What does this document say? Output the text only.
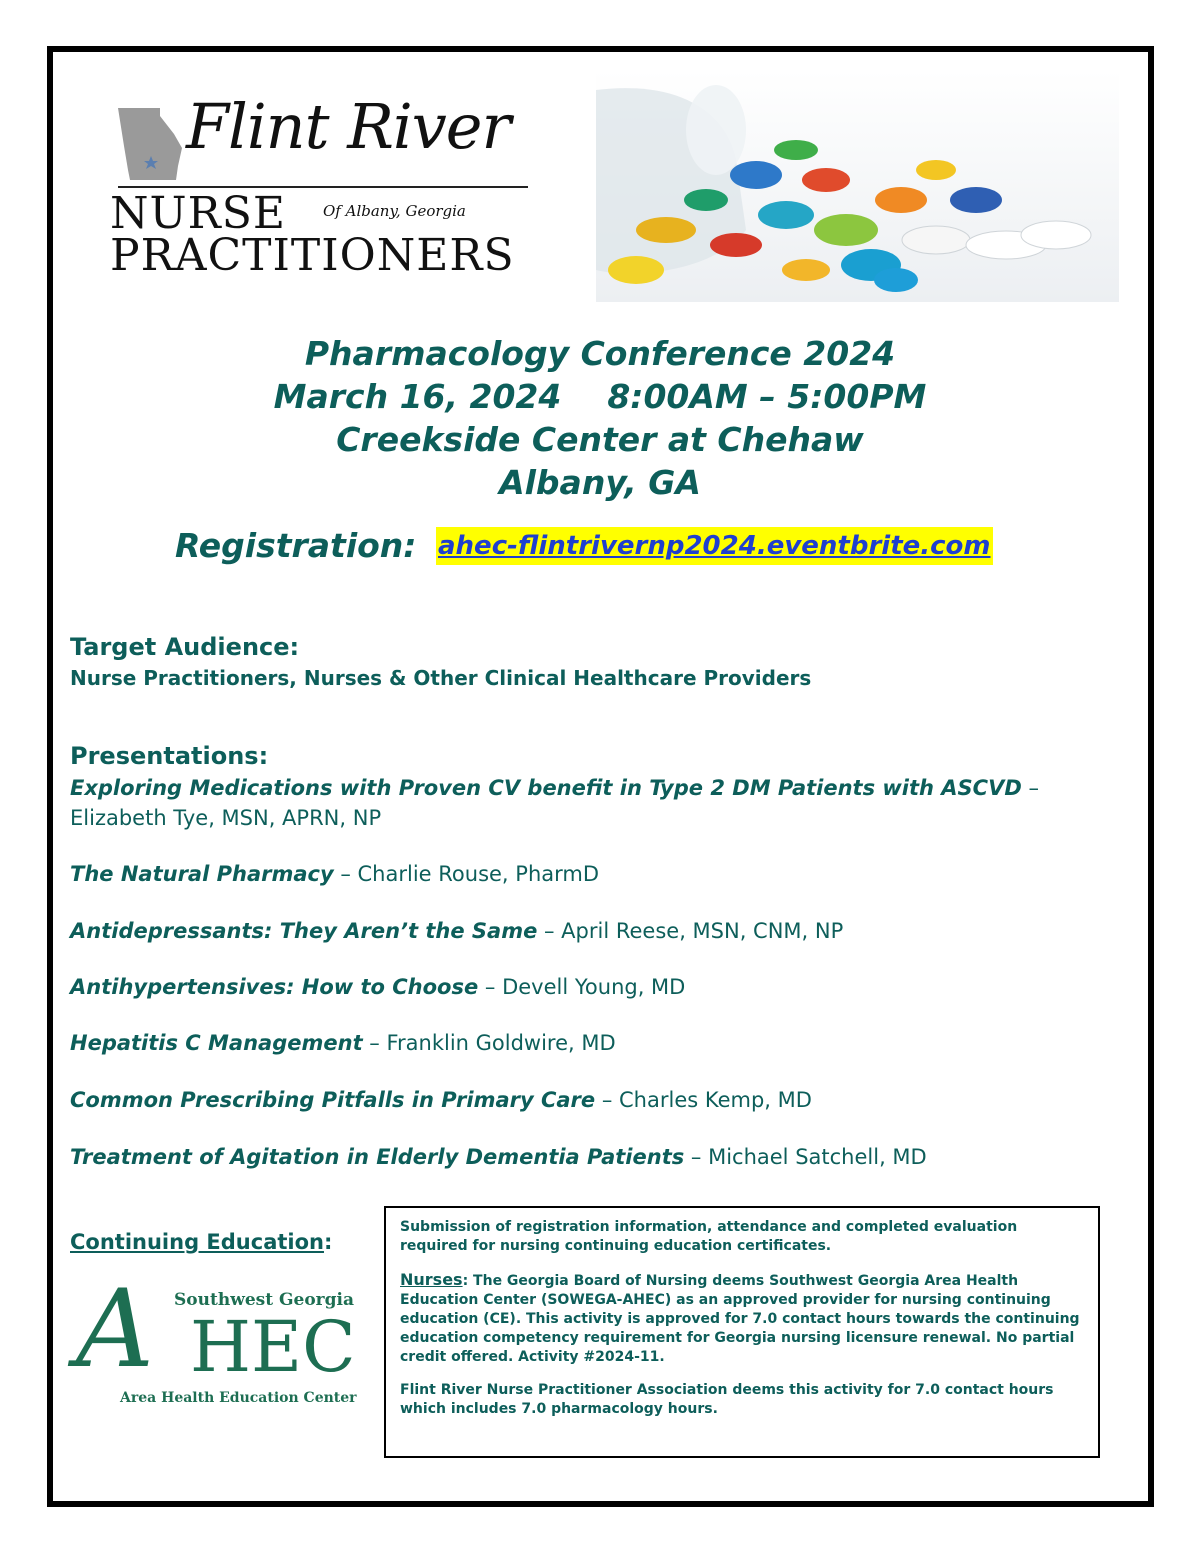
Flint River
NURSE Of Albany, Georgia
PRACTITIONERS
Pharmacology Conference 2024
March 16, 2024    8:00AM – 5:00PM
Creekside Center at Chehaw
Albany, GA
Registration: ahec-flintrivernp2024.eventbrite.com
Target Audience:
Nurse Practitioners, Nurses & Other Clinical Healthcare Providers
Presentations:
Exploring Medications with Proven CV benefit in Type 2 DM Patients with ASCVD – Elizabeth Tye, MSN, APRN, NP
The Natural Pharmacy – Charlie Rouse, PharmD
Antidepressants: They Aren’t the Same – April Reese, MSN, CNM, NP
Antihypertensives: How to Choose – Devell Young, MD
Hepatitis C Management – Franklin Goldwire, MD
Common Prescribing Pitfalls in Primary Care – Charles Kemp, MD
Treatment of Agitation in Elderly Dementia Patients – Michael Satchell, MD
Continuing Education:
A Southwest Georgia
HEC
Area Health Education Center

Submission of registration information, attendance and completed evaluation required for nursing continuing education certificates.

Nurses: The Georgia Board of Nursing deems Southwest Georgia Area Health Education Center (SOWEGA-AHEC) as an approved provider for nursing continuing education (CE). This activity is approved for 7.0 contact hours towards the continuing education competency requirement for Georgia nursing licensure renewal. No partial credit offered. Activity #2024-11.

Flint River Nurse Practitioner Association deems this activity for 7.0 contact hours which includes 7.0 pharmacology hours.
